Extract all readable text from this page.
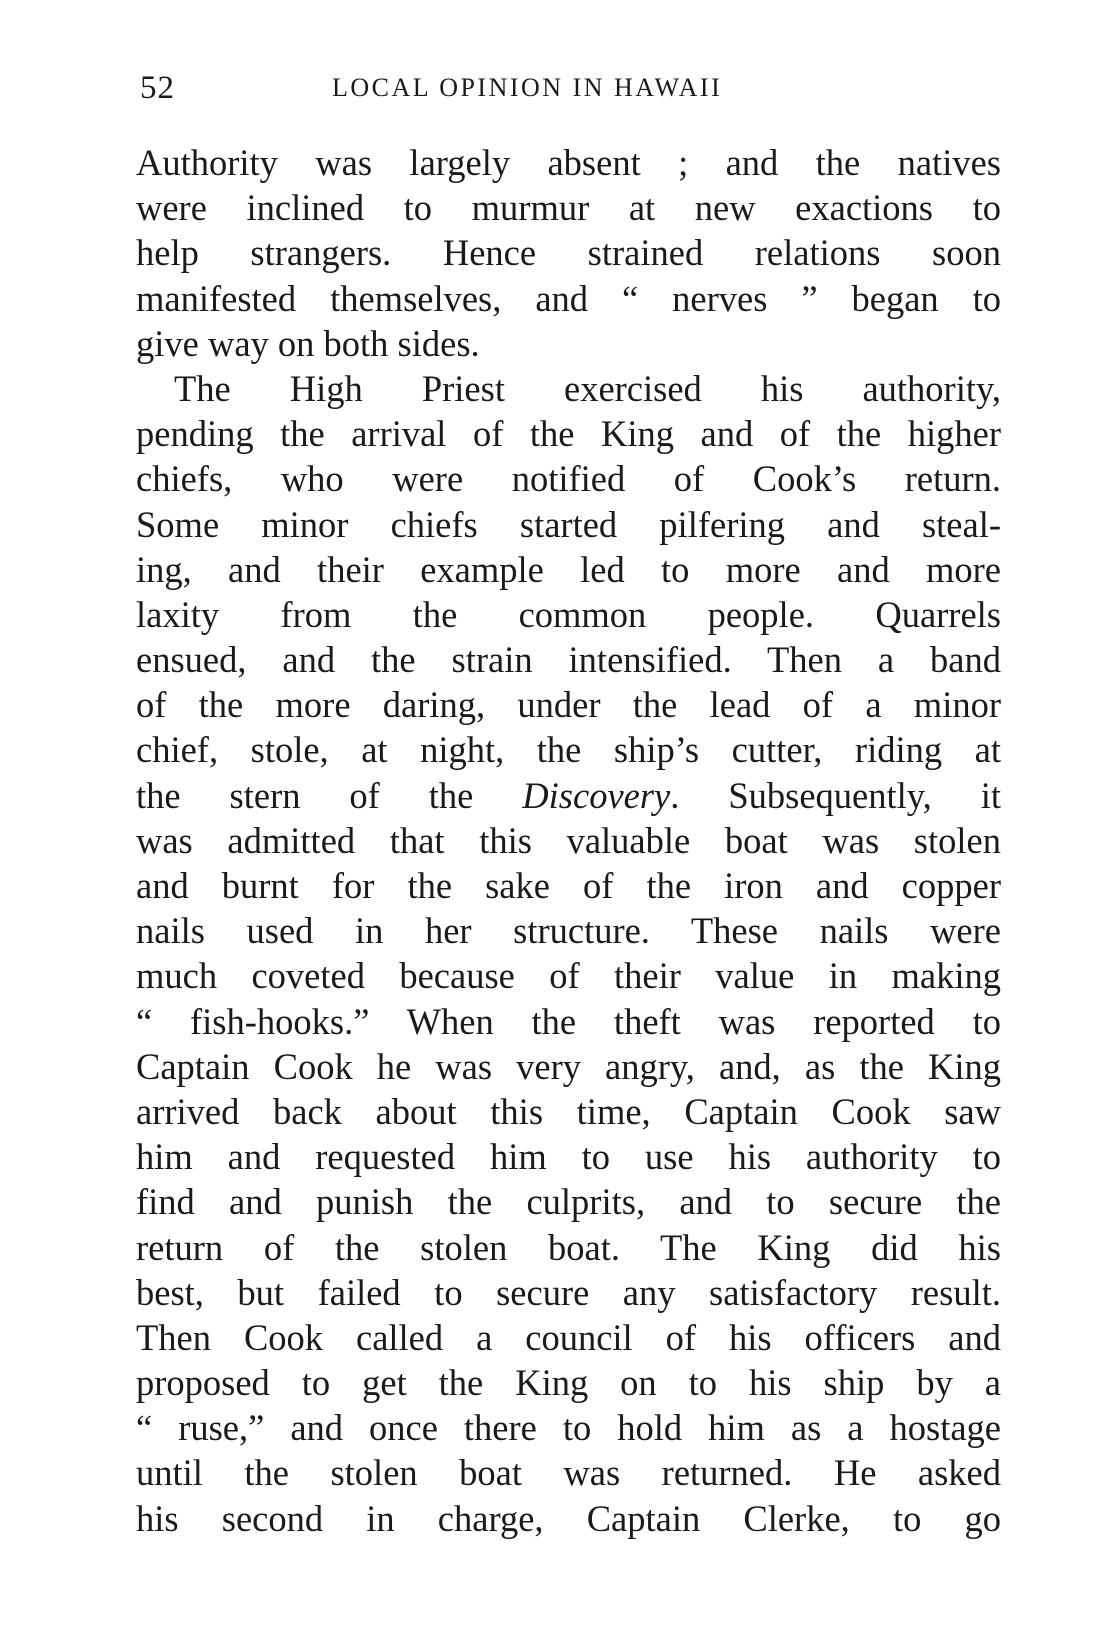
52	LOCAL OPINION IN HAWAII
Authority was largely absent ; and the natives
were inclined to murmur at new exactions to
help strangers. Hence strained relations soon
manifested themselves, and “ nerves ” began to
give way on both sides.
The High Priest exercised his authority,
pending the arrival of the King and of the higher
chiefs, who were notified of Cook’s return.
Some minor chiefs started pilfering and steal-
ing, and their example led to more and more
laxity from the common people. Quarrels
ensued, and the strain intensified. Then a band
of the more daring, under the lead of a minor
chief, stole, at night, the ship’s cutter, riding at
the stern of the Discovery. Subsequently, it
was admitted that this valuable boat was stolen
and burnt for the sake of the iron and copper
nails used in her structure. These nails were
much coveted because of their value in making
“ fish-hooks.” When the theft was reported to
Captain Cook he was very angry, and, as the King
arrived back about this time, Captain Cook saw
him and requested him to use his authority to
find and punish the culprits, and to secure the
return of the stolen boat. The King did his
best, but failed to secure any satisfactory result.
Then Cook called a council of his officers and
proposed to get the King on to his ship by a
“ ruse,” and once there to hold him as a hostage
until the stolen boat was returned. He asked
his second in charge, Captain Clerke, to go
